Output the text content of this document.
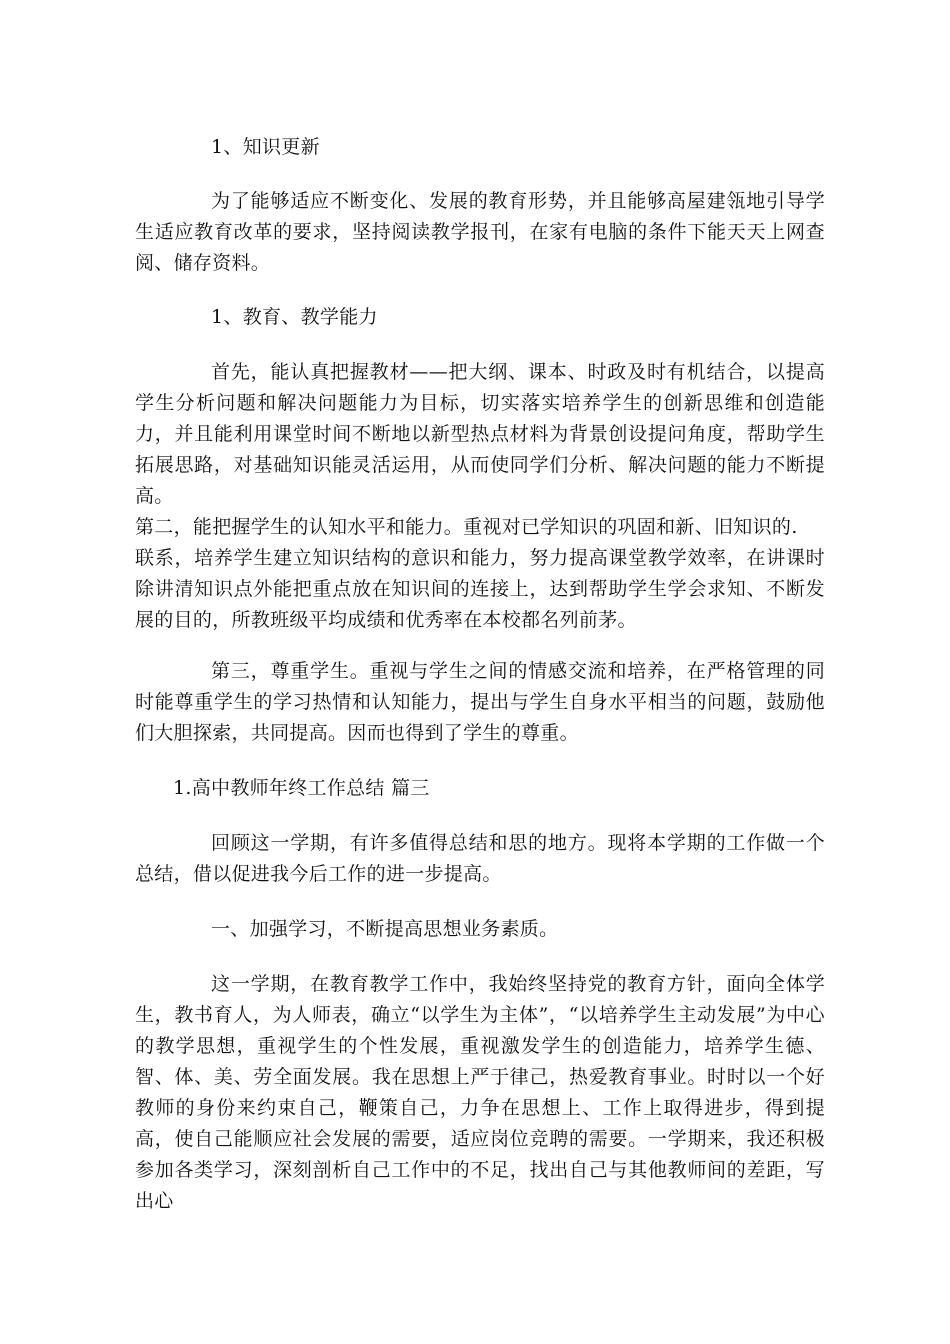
1、知识更新

为了能够适应不断变化、发展的教育形势，并且能够高屋建瓴地引导学生适应教育改革的要求，坚持阅读教学报刊，在家有电脑的条件下能天天上网查阅、储存资料。

1、教育、教学能力

首先，能认真把握教材——把大纲、课本、时政及时有机结合，以提高学生分析问题和解决问题能力为目标，切实落实培养学生的创新思维和创造能力，并且能利用课堂时间不断地以新型热点材料为背景创设提问角度，帮助学生拓展思路，对基础知识能灵活运用，从而使同学们分析、解决问题的能力不断提高。

第二，能把握学生的认知水平和能力。重视对已学知识的巩固和新、旧知识的.

联系，培养学生建立知识结构的意识和能力，努力提高课堂教学效率，在讲课时除讲清知识点外能把重点放在知识间的连接上，达到帮助学生学会求知、不断发展的目的，所教班级平均成绩和优秀率在本校都名列前茅。

第三，尊重学生。重视与学生之间的情感交流和培养，在严格管理的同时能尊重学生的学习热情和认知能力，提出与学生自身水平相当的问题，鼓励他们大胆探索，共同提高。因而也得到了学生的尊重。

1.高中教师年终工作总结 篇三

回顾这一学期，有许多值得总结和思的地方。现将本学期的工作做一个总结，借以促进我今后工作的进一步提高。

一、加强学习，不断提高思想业务素质。

这一学期，在教育教学工作中，我始终坚持党的教育方针，面向全体学生，教书育人，为人师表，确立“以学生为主体”，“以培养学生主动发展”为中心的教学思想，重视学生的个性发展，重视激发学生的创造能力，培养学生德、智、体、美、劳全面发展。我在思想上严于律己，热爱教育事业。时时以一个好教师的身份来约束自己，鞭策自己，力争在思想上、工作上取得进步，得到提高，使自己能顺应社会发展的需要，适应岗位竞聘的需要。一学期来，我还积极参加各类学习，深刻剖析自己工作中的不足，找出自己与其他教师间的差距，写出心
